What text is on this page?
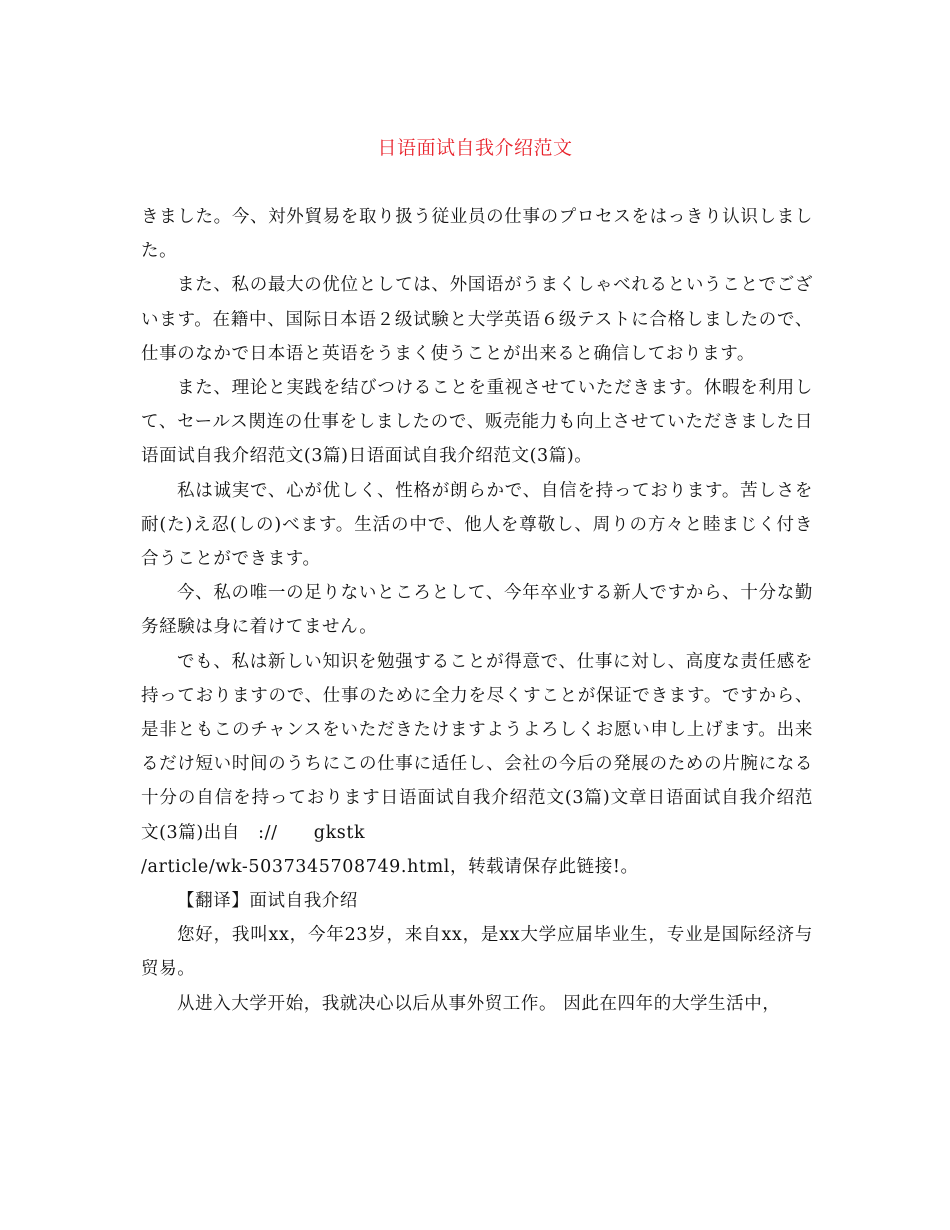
日语面试自我介绍范文

きました。今、対外貿易を取り扱う従业员の仕事のプロセスをはっきり认识しました。

また、私の最大の优位としては、外国语がうまくしゃべれるということでございます。在籍中、国际日本语２级试験と大学英语６级テストに合格しましたので、仕事のなかで日本语と英语をうまく使うことが出来ると确信しております。

また、理论と実践を结びつけることを重视させていただきます。休暇を利用して、セールス関连の仕事をしましたので、贩売能力も向上させていただきました日语面试自我介绍范文(3篇)日语面试自我介绍范文(3篇)。

私は诚実で、心が优しく、性格が朗らかで、自信を持っております。苦しさを耐(た)え忍(しの)べます。生活の中で、他人を尊敬し、周りの方々と睦まじく付き合うことができます。

今、私の唯一の足りないところとして、今年卒业する新人ですから、十分な勤务経験は身に着けてません。

でも、私は新しい知识を勉强することが得意で、仕事に対し、高度な责任感を持っておりますので、仕事のために全力を尽くすことが保证できます。ですから、是非ともこのチャンスをいただきたけますようよろしくお愿い申し上げます。出来るだけ短い时间のうちにこの仕事に适任し、会社の今后の発展のための片腕になる十分の自信を持っております日语面试自我介绍范文(3篇)文章日语面试自我介绍范文(3篇)出自　://　　gkstk

/article/wk-5037345708749.html，转载请保存此链接!。

【翻译】面试自我介绍

您好，我叫xx，今年23岁，来自xx，是xx大学应届毕业生，专业是国际经济与贸易。

从进入大学开始，我就决心以后从事外贸工作。 因此在四年的大学生活中，
